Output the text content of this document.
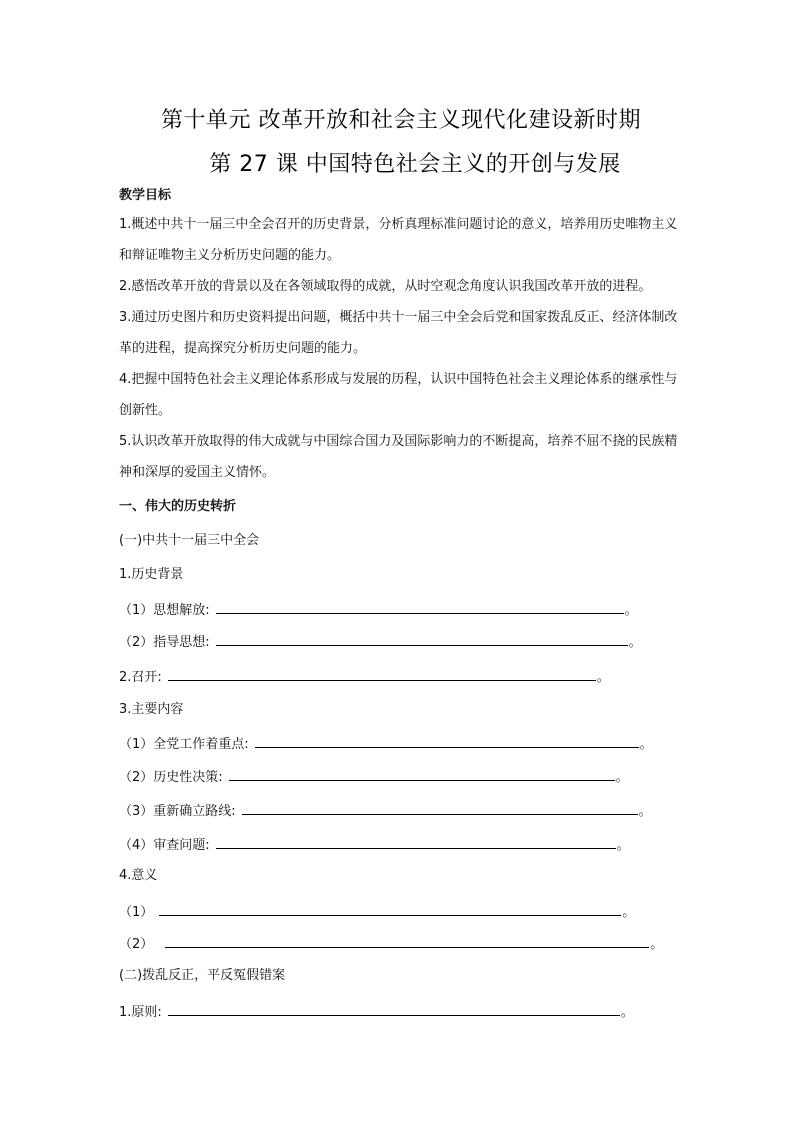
第十单元 改革开放和社会主义现代化建设新时期
第 27 课 中国特色社会主义的开创与发展
教学目标

1.概述中共十一届三中全会召开的历史背景，分析真理标准问题讨论的意义，培养用历史唯物主义和辩证唯物主义分析历史问题的能力。

2.感悟改革开放的背景以及在各领域取得的成就，从时空观念角度认识我国改革开放的进程。

3.通过历史图片和历史资料提出问题，概括中共十一届三中全会后党和国家拨乱反正、经济体制改革的进程，提高探究分析历史问题的能力。

4.把握中国特色社会主义理论体系形成与发展的历程，认识中国特色社会主义理论体系的继承性与创新性。

5.认识改革开放取得的伟大成就与中国综合国力及国际影响力的不断提高，培养不屈不挠的民族精神和深厚的爱国主义情怀。

一、伟大的历史转折
(一)中共十一届三中全会
1.历史背景
（1）思想解放:	。
（2）指导思想:	。
2.召开:	。
3.主要内容
（1）全党工作着重点:	。
（2）历史性决策:	。
（3）重新确立路线:	。
（4）审查问题:	。
4.意义
（1）	。
（2）	。
(二)拨乱反正，平反冤假错案
1.原则:	。
